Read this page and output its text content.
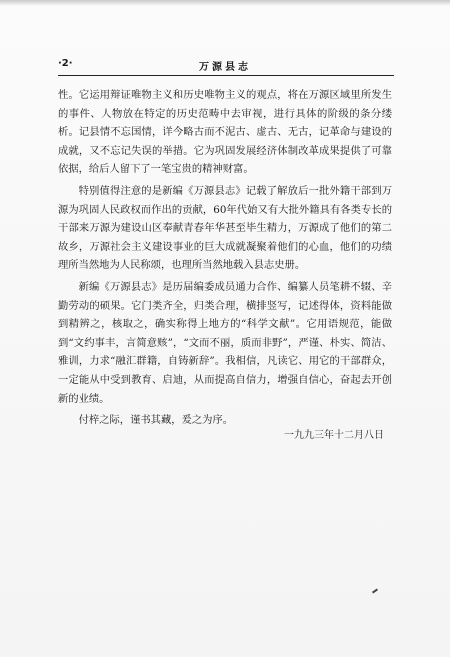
·2·	万源县志

性。它运用辩证唯物主义和历史唯物主义的观点，将在万源区域里所发生的事件、人物放在特定的历史范畴中去审视，进行具体的阶级的条分缕析。记县情不忘国情，详今略古而不泥古、虚古、无古，记革命与建设的成就，又不忘记失误的举措。它为巩固发展经济体制改革成果提供了可靠依据，给后人留下了一笔宝贵的精神财富。

特别值得注意的是新编《万源县志》记载了解放后一批外籍干部到万源为巩固人民政权而作出的贡献，60年代始又有大批外籍具有各类专长的干部来万源为建设山区奉献青春年华甚至毕生精力，万源成了他们的第二故乡，万源社会主义建设事业的巨大成就凝聚着他们的心血，他们的功绩理所当然地为人民称颂，也理所当然地载入县志史册。

新编《万源县志》是历届编委成员通力合作、编纂人员笔耕不辍、辛勤劳动的硕果。它门类齐全，归类合理，横排竖写，记述得体，资料能做到精辨之，核取之，确实称得上地方的“科学文献”。它用语规范，能做到“文约事丰，言简意赅”，“文而不丽，质而非野”，严谨、朴实、简洁、雅训，力求“融汇群籍，自铸新辞”。我相信，凡读它、用它的干部群众，一定能从中受到教育、启迪，从而提高自信力，增强自信心，奋起去开创新的业绩。

付梓之际，谨书其藏，爰之为序。

一九九三年十二月八日
